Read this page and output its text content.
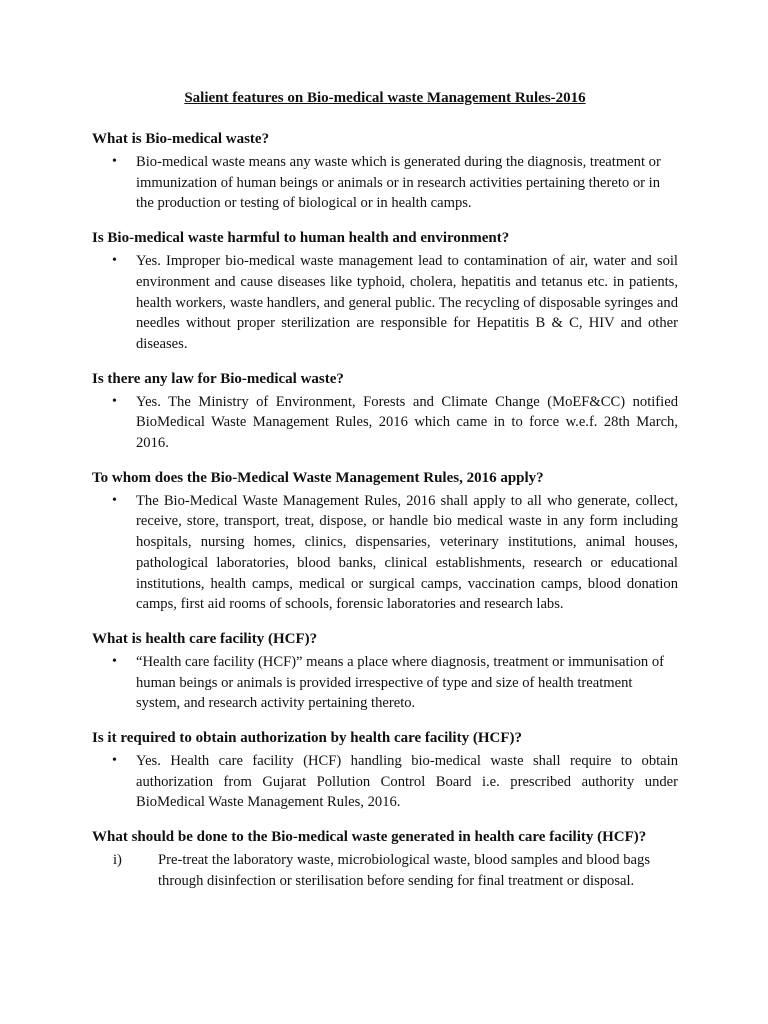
Salient features on Bio-medical waste Management Rules-2016
What is Bio-medical waste?
• Bio-medical waste means any waste which is generated during the diagnosis, treatment or immunization of human beings or animals or in research activities pertaining thereto or in the production or testing of biological or in health camps.
Is Bio-medical waste harmful to human health and environment?
• Yes. Improper bio-medical waste management lead to contamination of air, water and soil environment and cause diseases like typhoid, cholera, hepatitis and tetanus etc. in patients, health workers, waste handlers, and general public. The recycling of disposable syringes and needles without proper sterilization are responsible for Hepatitis B & C, HIV and other diseases.
Is there any law for Bio-medical waste?
• Yes. The Ministry of Environment, Forests and Climate Change (MoEF&CC) notified BioMedical Waste Management Rules, 2016 which came in to force w.e.f. 28th March, 2016.
To whom does the Bio-Medical Waste Management Rules, 2016 apply?
• The Bio-Medical Waste Management Rules, 2016 shall apply to all who generate, collect, receive, store, transport, treat, dispose, or handle bio medical waste in any form including hospitals, nursing homes, clinics, dispensaries, veterinary institutions, animal houses, pathological laboratories, blood banks, clinical establishments, research or educational institutions, health camps, medical or surgical camps, vaccination camps, blood donation camps, first aid rooms of schools, forensic laboratories and research labs.
What is health care facility (HCF)?
• “Health care facility (HCF)” means a place where diagnosis, treatment or immunisation of human beings or animals is provided irrespective of type and size of health treatment system, and research activity pertaining thereto.
Is it required to obtain authorization by health care facility (HCF)?
• Yes. Health care facility (HCF) handling bio-medical waste shall require to obtain authorization from Gujarat Pollution Control Board i.e. prescribed authority under BioMedical Waste Management Rules, 2016.
What should be done to the Bio-medical waste generated in health care facility (HCF)?
i) Pre-treat the laboratory waste, microbiological waste, blood samples and blood bags through disinfection or sterilisation before sending for final treatment or disposal.
